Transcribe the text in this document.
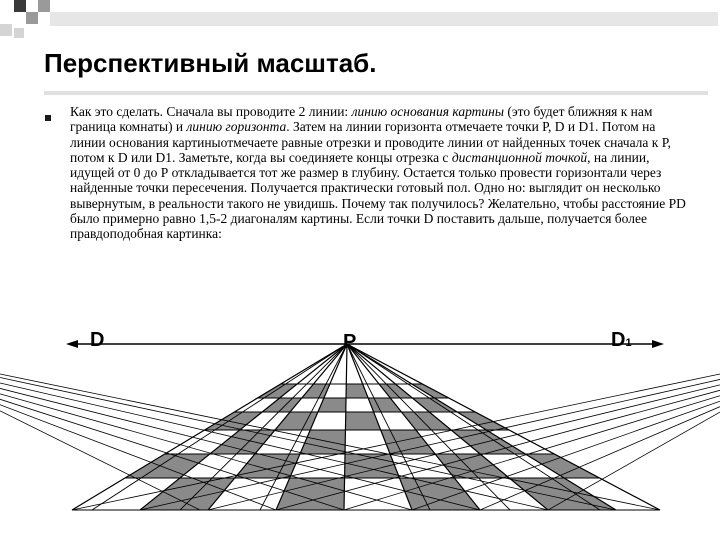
Перспективный масштаб.

Как это сделать. Сначала вы проводите 2 линии: линию основания картины (это будет ближняя к нам граница комнаты) и линию горизонта. Затем на линии горизонта отмечаете точки Р, D и D1. Потом на линии основания картиныотмечаете равные отрезки и проводите линии от найденных точек сначала к Р, потом к D или D1. Заметьте, когда вы соединяете концы отрезка с дистанционной точкой, на линии, идущей от 0 до Р откладывается тот же размер в глубину. Остается только провести горизонтали через найденные точки пересечения. Получается практически готовый пол. Одно но: выглядит он несколько вывернутым, в реальности такого не увидишь. Почему так получилось? Желательно, чтобы расстояние PD было примерно равно 1,5-2 диагоналям картины. Если точки D поставить дальше, получается более правдоподобная картинка:

D	P	D1
